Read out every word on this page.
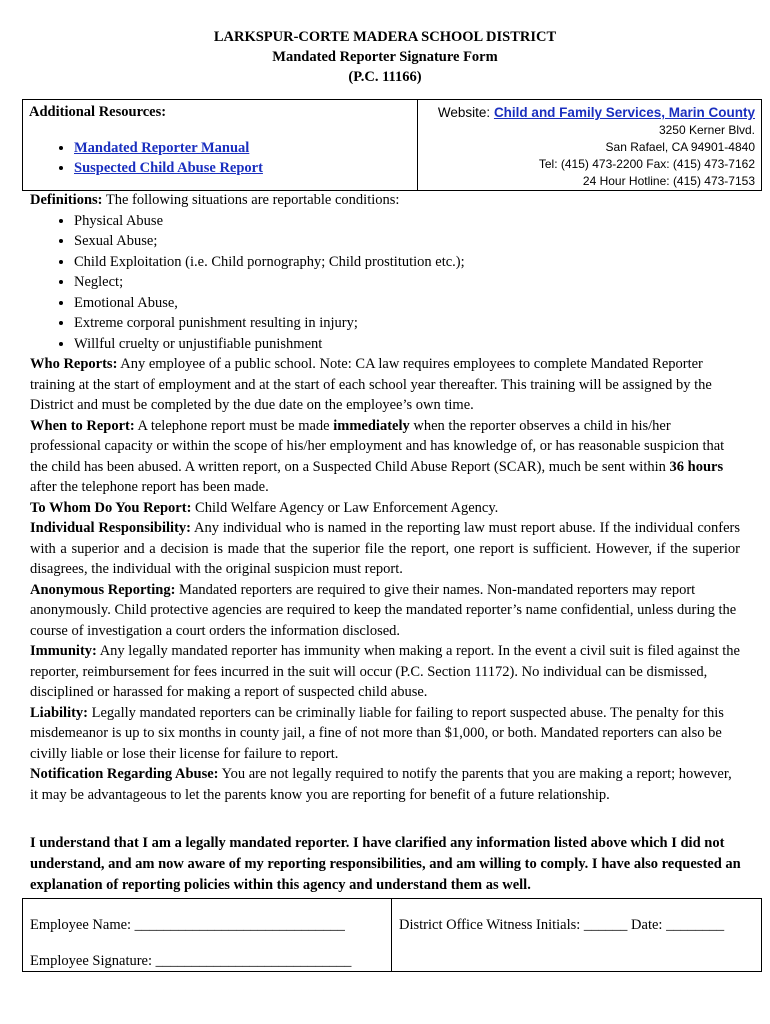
LARKSPUR-CORTE MADERA SCHOOL DISTRICT
Mandated Reporter Signature Form
(P.C. 11166)
Additional Resources:
• Mandated Reporter Manual
• Suspected Child Abuse Report
Website: Child and Family Services, Marin County
3250 Kerner Blvd.
San Rafael, CA 94901-4840
Tel: (415) 473-2200 Fax: (415) 473-7162
24 Hour Hotline: (415) 473-7153

Definitions: The following situations are reportable conditions:

• Physical Abuse
• Sexual Abuse;
• Child Exploitation (i.e. Child pornography; Child prostitution etc.);
• Neglect;
• Emotional Abuse,
• Extreme corporal punishment resulting in injury;
• Willful cruelty or unjustifiable punishment

Who Reports: Any employee of a public school. Note: CA law requires employees to complete Mandated Reporter training at the start of employment and at the start of each school year thereafter. This training will be assigned by the District and must be completed by the due date on the employee’s own time.

When to Report: A telephone report must be made immediately when the reporter observes a child in his/her professional capacity or within the scope of his/her employment and has knowledge of, or has reasonable suspicion that the child has been abused. A written report, on a Suspected Child Abuse Report (SCAR), much be sent within 36 hours after the telephone report has been made.

To Whom Do You Report: Child Welfare Agency or Law Enforcement Agency.

Individual Responsibility: Any individual who is named in the reporting law must report abuse. If the individual confers with a superior and a decision is made that the superior file the report, one report is sufficient. However, if the superior disagrees, the individual with the original suspicion must report.

Anonymous Reporting: Mandated reporters are required to give their names. Non-mandated reporters may report anonymously. Child protective agencies are required to keep the mandated reporter’s name confidential, unless during the course of investigation a court orders the information disclosed.

Immunity: Any legally mandated reporter has immunity when making a report. In the event a civil suit is filed against the reporter, reimbursement for fees incurred in the suit will occur (P.C. Section 11172). No individual can be dismissed, disciplined or harassed for making a report of suspected child abuse.

Liability: Legally mandated reporters can be criminally liable for failing to report suspected abuse. The penalty for this misdemeanor is up to six months in county jail, a fine of not more than $1,000, or both. Mandated reporters can also be civilly liable or lose their license for failure to report.

Notification Regarding Abuse: You are not legally required to notify the parents that you are making a report; however, it may be advantageous to let the parents know you are reporting for benefit of a future relationship.

I understand that I am a legally mandated reporter. I have clarified any information listed above which I did not understand, and am now aware of my reporting responsibilities, and am willing to comply. I have also requested an explanation of reporting policies within this agency and understand them as well.
Employee Name: _____________________________
Employee Signature: ___________________________
District Office Witness Initials: ______ Date: ________
